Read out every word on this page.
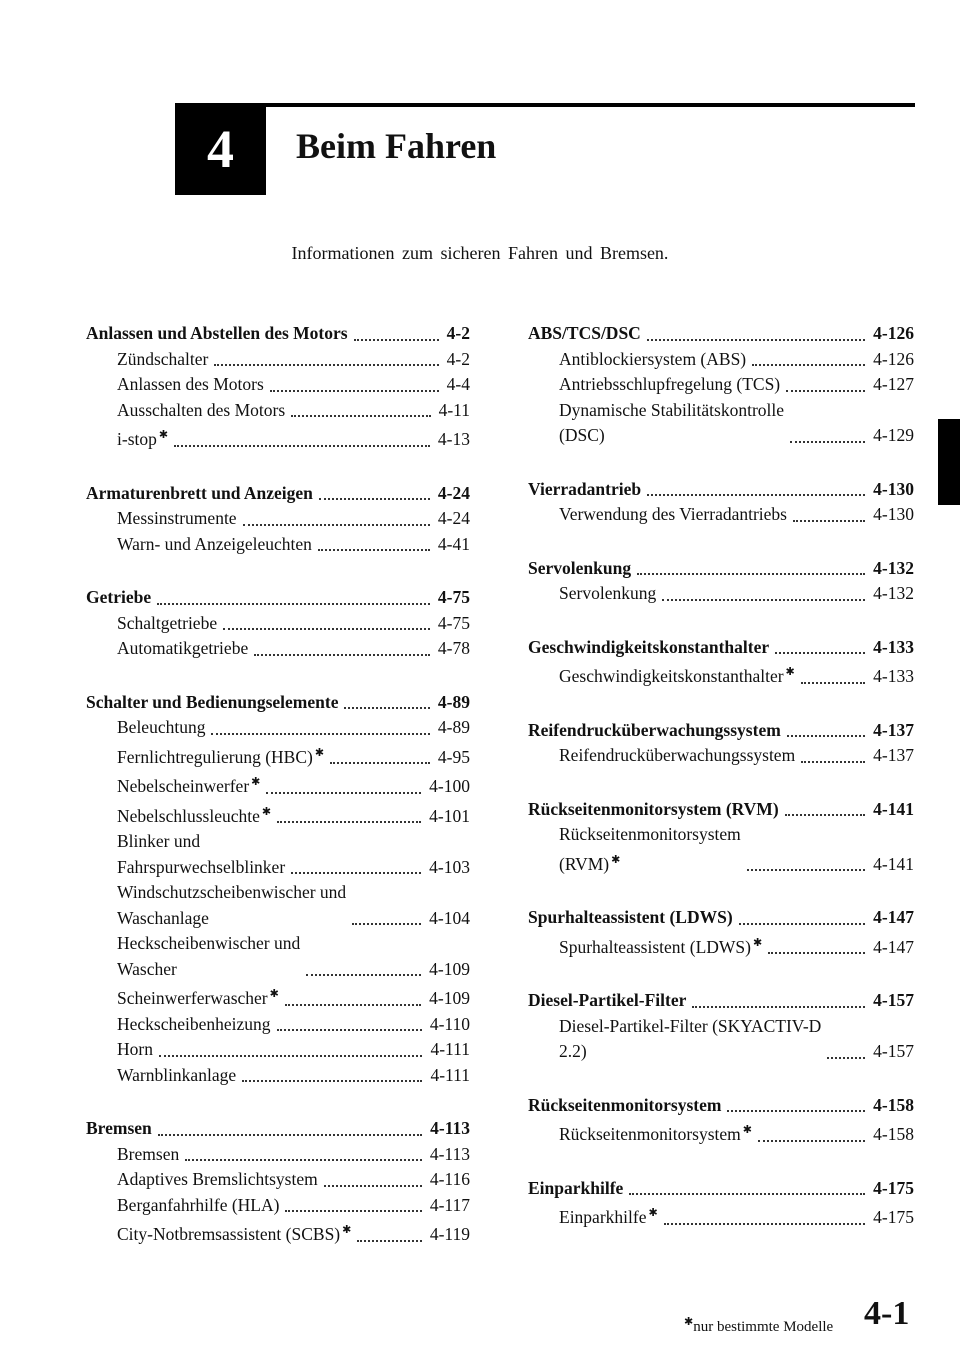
4 Beim Fahren
Informationen zum sicheren Fahren und Bremsen.
Anlassen und Abstellen des Motors	4-2
Zündschalter	4-2
Anlassen des Motors	4-4
Ausschalten des Motors	4-11
i-stop ✱	4-13
Armaturenbrett und Anzeigen	4-24
Messinstrumente	4-24
Warn- und Anzeigeleuchten	4-41
Getriebe	4-75
Schaltgetriebe	4-75
Automatikgetriebe	4-78
Schalter und Bedienungselemente	4-89
Beleuchtung	4-89
Fernlichtregulierung (HBC) ✱	4-95
Nebelscheinwerfer ✱	4-100
Nebelschlussleuchte ✱	4-101
Blinker und
Fahrspurwechselblinker	4-103
Windschutzscheibenwischer und
Waschanlage	4-104
Heckscheibenwischer und
Wascher	4-109
Scheinwerferwascher ✱	4-109
Heckscheibenheizung	4-110
Horn	4-111
Warnblinkanlage	4-111
Bremsen	4-113
Bremsen	4-113
Adaptives Bremslichtsystem	4-116
Berganfahrhilfe (HLA)	4-117
City-Notbremsassistent (SCBS) ✱	4-119
ABS/TCS/DSC	4-126
Antiblockiersystem (ABS)	4-126
Antriebsschlupfregelung (TCS)	4-127
Dynamische Stabilitätskontrolle
(DSC)	4-129
Vierradantrieb	4-130
Verwendung des Vierradantriebs	4-130
Servolenkung	4-132
Servolenkung	4-132
Geschwindigkeitskonstanthalter	4-133
Geschwindigkeitskonstanthalter ✱	4-133
Reifendrucküberwachungssystem	4-137
Reifendrucküberwachungssystem	4-137
Rückseitenmonitorsystem (RVM)	4-141
Rückseitenmonitorsystem
(RVM) ✱	4-141
Spurhalteassistent (LDWS)	4-147
Spurhalteassistent (LDWS) ✱	4-147
Diesel-Partikel-Filter	4-157
Diesel-Partikel-Filter (SKYACTIV-D
2.2)	4-157
Rückseitenmonitorsystem	4-158
Rückseitenmonitorsystem ✱	4-158
Einparkhilfe	4-175
Einparkhilfe ✱	4-175
✱nur bestimmte Modelle 4-1
